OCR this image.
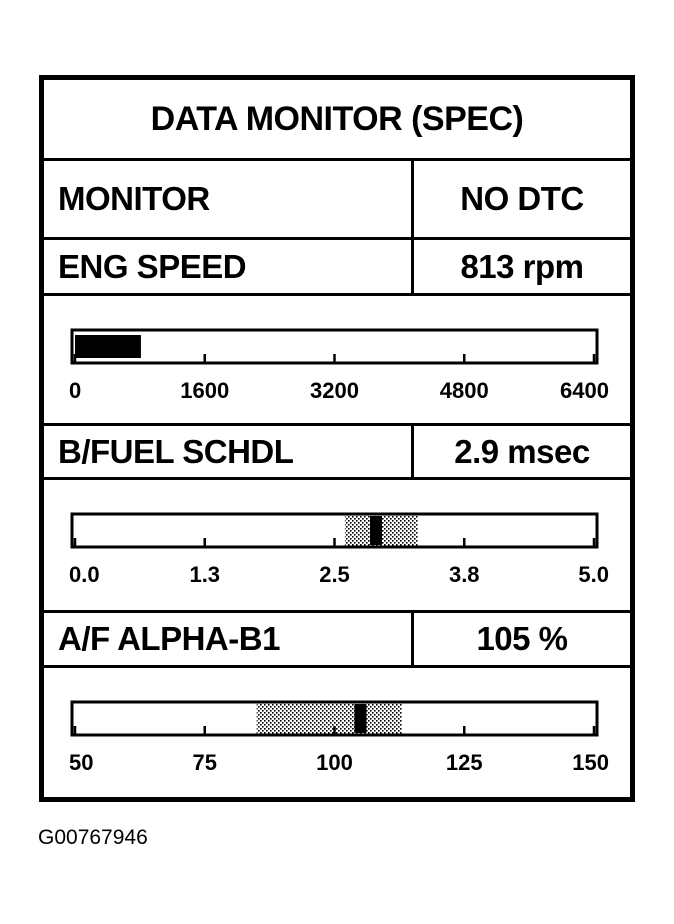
DATA MONITOR (SPEC)
MONITOR	NO DTC
ENG SPEED	813 rpm
0	1600	3200	4800	6400
B/FUEL SCHDL	2.9 msec
0.0	1.3	2.5	3.8	5.0
A/F ALPHA-B1	105 %
50	75	100	125	150
G00767946
